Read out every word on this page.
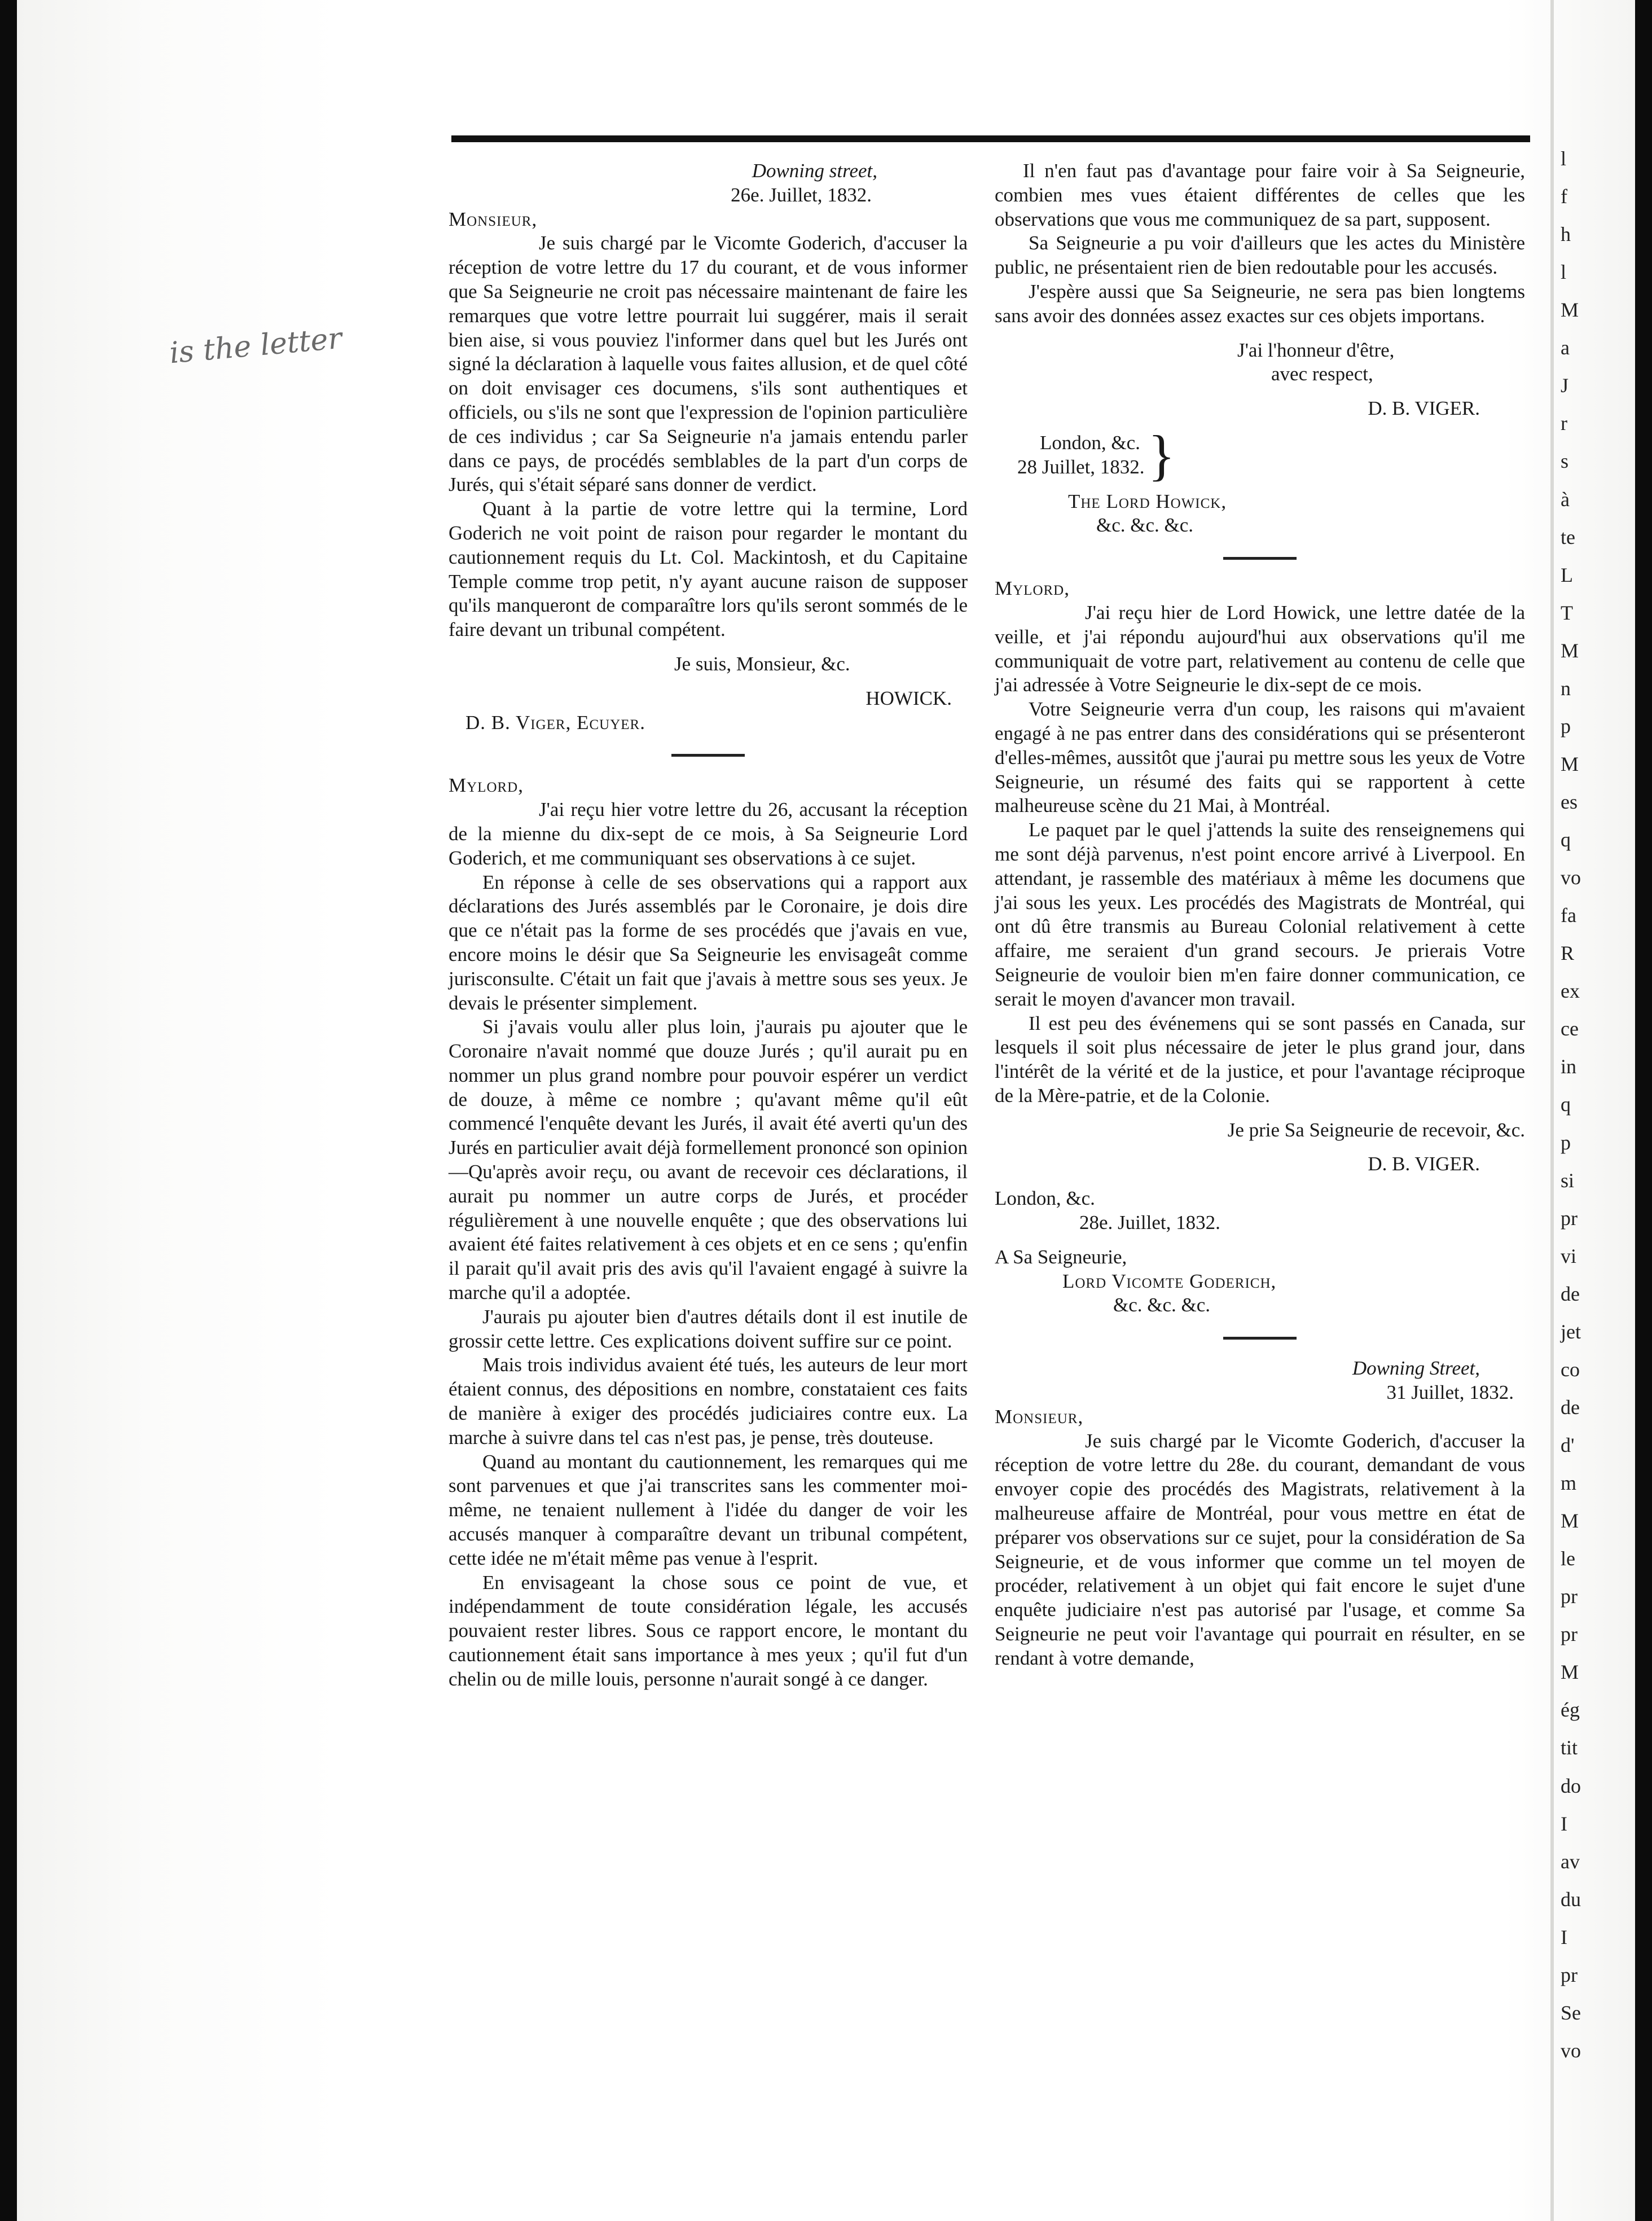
is the letter

Downing street,

26e. Juillet, 1832.

Monsieur,

Je suis chargé par le Vicomte Goderich, d'accuser la réception de votre lettre du 17 du courant, et de vous informer que Sa Seigneurie ne croit pas nécessaire maintenant de faire les remarques que votre lettre pourrait lui suggérer, mais il serait bien aise, si vous pouviez l'informer dans quel but les Jurés ont signé la déclaration à laquelle vous faites allusion, et de quel côté on doit envisager ces documens, s'ils sont authentiques et officiels, ou s'ils ne sont que l'expression de l'opinion particulière de ces individus ; car Sa Seigneurie n'a jamais entendu parler dans ce pays, de procédés semblables de la part d'un corps de Jurés, qui s'était séparé sans donner de verdict.

Quant à la partie de votre lettre qui la termine, Lord Goderich ne voit point de raison pour regarder le montant du cautionnement requis du Lt. Col. Mackintosh, et du Capitaine Temple comme trop petit, n'y ayant aucune raison de supposer qu'ils manqueront de comparaître lors qu'ils seront sommés de le faire devant un tribunal compétent.

Je suis, Monsieur, &c.

HOWICK.

D. B. Viger, Ecuyer.

Mylord,

J'ai reçu hier votre lettre du 26, accusant la réception de la mienne du dix-sept de ce mois, à Sa Seigneurie Lord Goderich, et me communiquant ses observations à ce sujet.

En réponse à celle de ses observations qui a rapport aux déclarations des Jurés assemblés par le Coronaire, je dois dire que ce n'était pas la forme de ses procédés que j'avais en vue, encore moins le désir que Sa Seigneurie les envisageât comme jurisconsulte. C'était un fait que j'avais à mettre sous ses yeux. Je devais le présenter simplement.

Si j'avais voulu aller plus loin, j'aurais pu ajouter que le Coronaire n'avait nommé que douze Jurés ; qu'il aurait pu en nommer un plus grand nombre pour pouvoir espérer un verdict de douze, à même ce nombre ; qu'avant même qu'il eût commencé l'enquête devant les Jurés, il avait été averti qu'un des Jurés en particulier avait déjà formellement prononcé son opinion—Qu'après avoir reçu, ou avant de recevoir ces déclarations, il aurait pu nommer un autre corps de Jurés, et procéder régulièrement à une nouvelle enquête ; que des observations lui avaient été faites relativement à ces objets et en ce sens ; qu'enfin il parait qu'il avait pris des avis qu'il l'avaient engagé à suivre la marche qu'il a adoptée.

J'aurais pu ajouter bien d'autres détails dont il est inutile de grossir cette lettre. Ces explications doivent suffire sur ce point.

Mais trois individus avaient été tués, les auteurs de leur mort étaient connus, des dépositions en nombre, constataient ces faits de manière à exiger des procédés judiciaires contre eux. La marche à suivre dans tel cas n'est pas, je pense, très douteuse.

Quand au montant du cautionnement, les remarques qui me sont parvenues et que j'ai transcrites sans les commenter moi-même, ne tenaient nullement à l'idée du danger de voir les accusés manquer à comparaître devant un tribunal compétent, cette idée ne m'était même pas venue à l'esprit.

En envisageant la chose sous ce point de vue, et indépendamment de toute considération légale, les accusés pouvaient rester libres. Sous ce rapport encore, le montant du cautionnement était sans importance à mes yeux ; qu'il fut d'un chelin ou de mille louis, personne n'aurait songé à ce danger.

Il n'en faut pas d'avantage pour faire voir à Sa Seigneurie, combien mes vues étaient différentes de celles que les observations que vous me communiquez de sa part, supposent.

Sa Seigneurie a pu voir d'ailleurs que les actes du Ministère public, ne présentaient rien de bien redoutable pour les accusés.

J'espère aussi que Sa Seigneurie, ne sera pas bien longtems sans avoir des données assez exactes sur ces objets importans.

J'ai l'honneur d'être,

avec respect,

D. B. VIGER.

London, &c.

28 Juillet, 1832. }

The Lord Howick,

&c. &c. &c.

Mylord,

J'ai reçu hier de Lord Howick, une lettre datée de la veille, et j'ai répondu aujourd'hui aux observations qu'il me communiquait de votre part, relativement au contenu de celle que j'ai adressée à Votre Seigneurie le dix-sept de ce mois.

Votre Seigneurie verra d'un coup, les raisons qui m'avaient engagé à ne pas entrer dans des considérations qui se présenteront d'elles-mêmes, aussitôt que j'aurai pu mettre sous les yeux de Votre Seigneurie, un résumé des faits qui se rapportent à cette malheureuse scène du 21 Mai, à Montréal.

Le paquet par le quel j'attends la suite des renseignemens qui me sont déjà parvenus, n'est point encore arrivé à Liverpool. En attendant, je rassemble des matériaux à même les documens que j'ai sous les yeux. Les procédés des Magistrats de Montréal, qui ont dû être transmis au Bureau Colonial relativement à cette affaire, me seraient d'un grand secours. Je prierais Votre Seigneurie de vouloir bien m'en faire donner communication, ce serait le moyen d'avancer mon travail.

Il est peu des événemens qui se sont passés en Canada, sur lesquels il soit plus nécessaire de jeter le plus grand jour, dans l'intérêt de la vérité et de la justice, et pour l'avantage réciproque de la Mère-patrie, et de la Colonie.

Je prie Sa Seigneurie de recevoir, &c.

D. B. VIGER.

London, &c.

28e. Juillet, 1832.

A Sa Seigneurie,

Lord Vicomte Goderich,

&c. &c. &c.

Downing Street,

31 Juillet, 1832.

Monsieur,

Je suis chargé par le Vicomte Goderich, d'accuser la réception de votre lettre du 28e. du courant, demandant de vous envoyer copie des procédés des Magistrats, relativement à la malheureuse affaire de Montréal, pour vous mettre en état de préparer vos observations sur ce sujet, pour la considération de Sa Seigneurie, et de vous informer que comme un tel moyen de procéder, relativement à un objet qui fait encore le sujet d'une enquête judiciaire n'est pas autorisé par l'usage, et comme Sa Seigneurie ne peut voir l'avantage qui pourrait en résulter, en se rendant à votre demande,

l
f
h
l
M
a
J
r
s
à
te
L
T
M
n
p
M
es
q
vo
fa
R
ex
ce
in
q
p
si
pr
vi
de
jet
co
de
d'
m
M
le
pr
pr
M
ég
tit
do
I
av
du
I
pr
Se
vo
